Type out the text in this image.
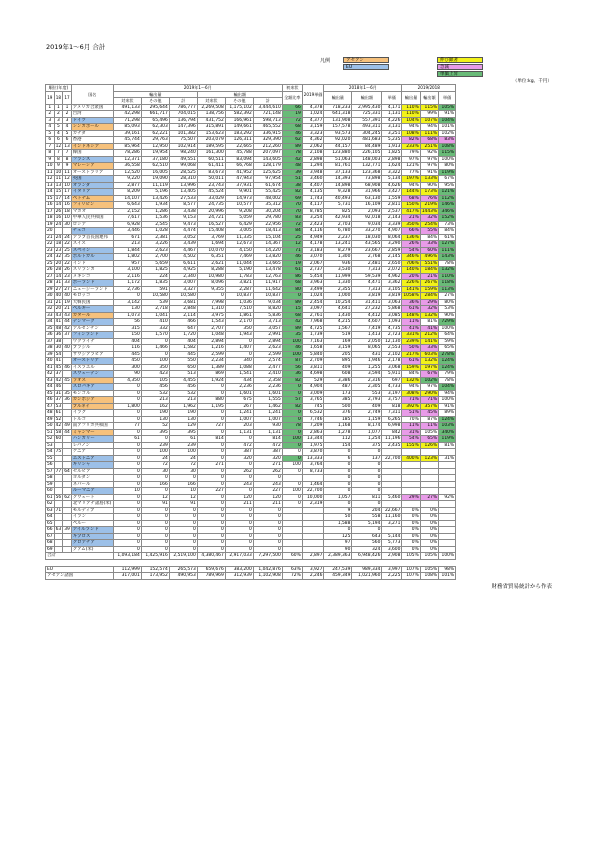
2019年1～6月 合計
凡例	アセアン
EU
伸び顕著
急減
単価上昇
（単位:kg、千円）
順位(年度)			国名	2019年1～6月						初来状	2019単価	2018年1～6月			2019/2018		
19	18	17		輸出量			輸出額			全額比率		輸出量	輸出額	単価	輸出量	輸出額	単価
				対来状	その他	計	対来状	その他	計								
1	1	1	アメリカ合衆国	491,133	295,644	786,777	2,269,508	1,175,102	3,444,610	66	4,378	718,233	2,995,430	4,171	110%	115%	105%
2	2	2	台湾	42,298	661,717	704,015	138,756	582,392	721,148	19	1,024	641,318	725,331	1,131	110%	99%	91%
3	3	3	ドイツ	71,298	65,496	136,794	431,752	166,961	598,713	72	4,377	131,908	557,391	4,226	104%	107%	104%
4	5	4	シンガポール	85,093	62,303	147,396	315,891	149,661	465,552	68	3,159	157,578	493,311	3,131	94%	94%	101%
5	4	5	カナダ	39,161	62,221	101,382	153,623	183,292	336,915	46	3,323	93,573	304,245	3,251	108%	111%	102%
6	6	6	香港	45,744	29,763	75,507	203,079	126,311	329,390	62	4,362	92,020	481,683	5,235	82%	68%	83%
7	12	13	インドネシア	85,964	12,950	102,914	189,595	22,665	212,260	89	2,062	44,157	84,489	1,913	233%	251%	108%
8	7	7	韓国	78,286	19,954	98,240	161,300	45,788	207,097	78	2,108	123,880	226,105	1,825	79%	92%	115%
9	8	8	フランス	12,371	37,180	49,551	60,511	83,094	143,605	42	2,898	51,063	148,003	2,898	97%	97%	100%
10	9	9	マレーシア	36,558	62,510	99,068	61,411	66,768	128,179	48	1,294	81,761	132,771	1,624	121%	97%	80%
11	10	11	オーストラリア	12,520	16,005	28,525	83,673	41,952	125,625	39	3,948	37,133	123,368	3,322	77%	91%	119%
12	11	12	英国	9,220	19,090	28,310	50,011	47,943	97,954	51	3,460	14,393	73,898	5,134	197%	133%	67%
13	13	10	オランダ	2,877	11,119	13,996	23,743	37,931	61,674	38	4,407	14,898	68,908	4,626	94%	90%	95%
14	15	17	イタリア	8,209	5,196	13,405	45,524	9,901	55,425	82	4,135	9,328	31,966	3,427	144%	173%	121%
15	17	14	ベトナム	14,107	13,426	27,533	33,029	14,973	48,002	69	1,743	40,493	63,130	1,559	68%	76%	112%
16	14	16	フィリピン	6,643	1,934	8,577	24,735	10,577	35,312	70	4,117	5,731	16,109	2,811	150%	219%	146%
17	26	18	マカオ	2,152	1,286	3,438	20,996	9,208	30,204	70	8,785	825	2,093	2,537	417%	1443%	346%
18	16	10	中華人民共和国	7,617	1,536	9,153	24,721	5,059	29,780	83	3,254	42,934	92,018	2,143	21%	32%	152%
19	24	30	ロシア	6,928	2,545	9,473	16,527	6,429	22,956	72	2,423	2,703	9,034	3,339	350%	254%	73%
20			チェコ	3,446	1,028	4,474	15,408	3,005	18,413	84	4,116	6,780	33,270	4,907	66%	55%	84%
21	24	24	アラブ首長国連邦	671	2,381	3,052	3,769	11,335	15,104	25	4,949	2,237	18,030	8,064	136%	84%	61%
22	18	22	スイス	213	3,226	3,439	1,694	12,673	14,367	12	4,178	13,241	43,565	3,290	26%	33%	127%
23	23	25	スペイン	1,844	2,623	4,467	10,070	4,150	14,220	71	3,183	8,279	23,667	2,859	54%	60%	111%
24	32	35	ポルトガル	1,802	2,700	4,502	6,351	7,469	13,820	46	3,070	1,300	2,768	2,145	346%	496%	143%
25	20	22	インド	957	5,659	6,611	2,621	11,044	13,665	19	2,067	936	2,481	2,650	706%	551%	78%
26	28	26	スリランカ	3,100	1,825	4,925	8,288	5,190	13,478	61	2,737	3,530	7,313	2,072	140%	184%	132%
27	14	23	メキシコ	2,116	224	2,340	10,980	1,783	12,763	86	5,454	11,999	59,539	4,962	20%	21%	110%
28	31	33	ポーランド	1,172	1,835	3,007	8,096	3,821	11,917	68	3,963	1,330	4,471	3,362	226%	267%	118%
29	27	27	ニュージーランド	2,736	591	3,327	9,355	2,287	11,642	80	3,499	2,355	7,313	3,105	141%	159%	113%
30	40	40	モロッコ	0	10,580	10,580	0	10,837	10,837	0	1,024	1,000	3,819	3,819	1058%	284%	27%
31	21	19	大韓民国	3,142	539	3,681	7,998	1,036	9,034	89	2,454	10,254	31,411	3,063	36%	29%	80%
32	20	21	ベルギー	130	2,718	2,848	1,310	7,510	8,820	15	3,097	4,641	27,232	5,868	61%	32%	53%
33	43	43	カタール	1,073	1,041	2,114	3,975	1,861	5,836	68	2,761	1,430	4,412	3,085	148%	132%	90%
34	41	44	デンマーク	56	410	466	1,543	2,170	3,713	42	7,968	4,215	4,607	1,093	11%	81%	729%
35	48	42	アルゼンチン	315	332	647	2,707	350	3,057	89	4,725	1,567	7,419	4,735	41%	41%	100%
36	36	37	フィンランド	150	1,570	1,720	1,048	1,943	2,991	35	1,739	519	1,413	2,723	331%	212%	64%
37	38		ウクライナ	404	0	404	2,894	0	2,894	100	7,163	169	2,050	12,130	239%	141%	59%
38	30	40	ブラジル	116	1,466	1,582	1,216	1,407	2,623	46	1,658	3,159	8,065	2,553	50%	33%	65%
39	54		サウジアラビア	445	0	445	2,599	0	2,599	100	5,840	205	431	2,102	217%	603%	278%
40	41		オーストリア	450	100	550	2,234	340	2,574	87	2,709	895	1,946	2,178	61%	132%	124%
41	45	46	イスラエル	300	350	650	1,389	1,088	2,477	56	3,811	409	1,255	3,068	159%	197%	124%
42	37		スウェーデン	90	423	513	869	1,541	2,410	36	4,698	608	3,594	5,911	84%	67%	79%
43	42	45	ラオス	4,350	105	4,455	1,924	434	2,358	82	529	3,386	2,316	697	132%	102%	78%
44	46		スロバキア	0	456	456	0	2,236	2,236	0	4,904	487	2,305	4,733	94%	97%	104%
45	31	35	モンゴル	0	532	532	0	1,601	1,601	0	3,009	173	553	3,197	308%	290%	94%
46	37	36	カンボジア	0	213	213	880	675	1,555	57	3,765	385	2,793	3,757	71%	71%	100%
47	53		ブルネイ	1,800	162	1,962	1,195	267	1,462	82	745	500	409	818	392%	357%	91%
48	61		イラク	0	190	190	0	1,241	1,241	0	6,532	376	2,749	7,311	51%	45%	89%
49	52		トルコ	0	130	130	0	1,007	1,007	0	7,746	185	1,159	6,265	70%	87%	124%
50	42	49	南アフリカ共和国	77	52	129	727	203	930	78	7,209	1,168	8,174	6,998	11%	11%	103%
51	58	44	ミャンマー	0	395	395	0	1,131	1,131	0	2,863	1,278	1,077	842	31%	105%	340%
52	60		ハンガリー	61	0	61	814	0	814	100	13,344	112	1,254	11,196	54%	65%	119%
53			レバノン	0	239	239	0	472	472	0	1,975	154	375	2,435	155%	126%	81%
54	75		ケニア	0	100	100	0	387	387	0	3,870	0	0				
55			エストニア	0	24	24	0	320	320	0	13,333	6	137	22,700	400%	123%	31%
56			ギリシャ	0	72	72	271	0	271	100	3,764	0	0				
57	77	64	セルビア	0	30	30	0	262	262	0	8,733	0	0				
58			ヨルダン	0	0	0	0	0	0			0	0				
59			ネパール	0	166	166	0	243	243	0	1,464	0	0				
60			ルーマニア	10	0	10	227	0	227	100	22,700	0	0				
61	56	62	クウェート	0	12	12	0	120	120	0	10,000	1,057	811	5,460	29%	27%	92%
62			北マリアナ諸島(米)	0	91	91	0	211	211	0	2,319	0	0				
63	71		モルディブ	0	0	0	0	0	0			9	204	22,667	0%	0%	
64			イラン	0	0	0	0	0	0			50	558	11,160	0%	0%	
65			ペルー	0	0	0	0	0	0			1,588	5,194	3,271	0%	0%	
66	63	39	アイルランド	0	0	0	0	0	0			0	0		0%	0%	
67			キプロス	0	0	0	0	0	0			125	643	5,144	0%	0%	
68			クロアチア	0	0	0	0	0	0			97	560	5,773	0%	0%	
69			グアム(米)	0	0	0	0	0	0			90	324	3,600	0%	0%	
合計				1,093,184	1,425,916	2,519,100	4,380,467	2,917,033	7,297,500	60%	2,897	2,389,363	6,948,426	2,908	105%	105%	100%

EU				112,999	152,574	265,573	659,676	383,200	1,042,876	63%	3,927	247,539	989,334	3,997	107%	105%	98%
アセアン諸国				317,001	173,952	490,953	789,969	312,939	1,102,908	72%	2,246	459,349	1,021,960	2,225	107%	108%	101%
財務省貿易統計から作表
